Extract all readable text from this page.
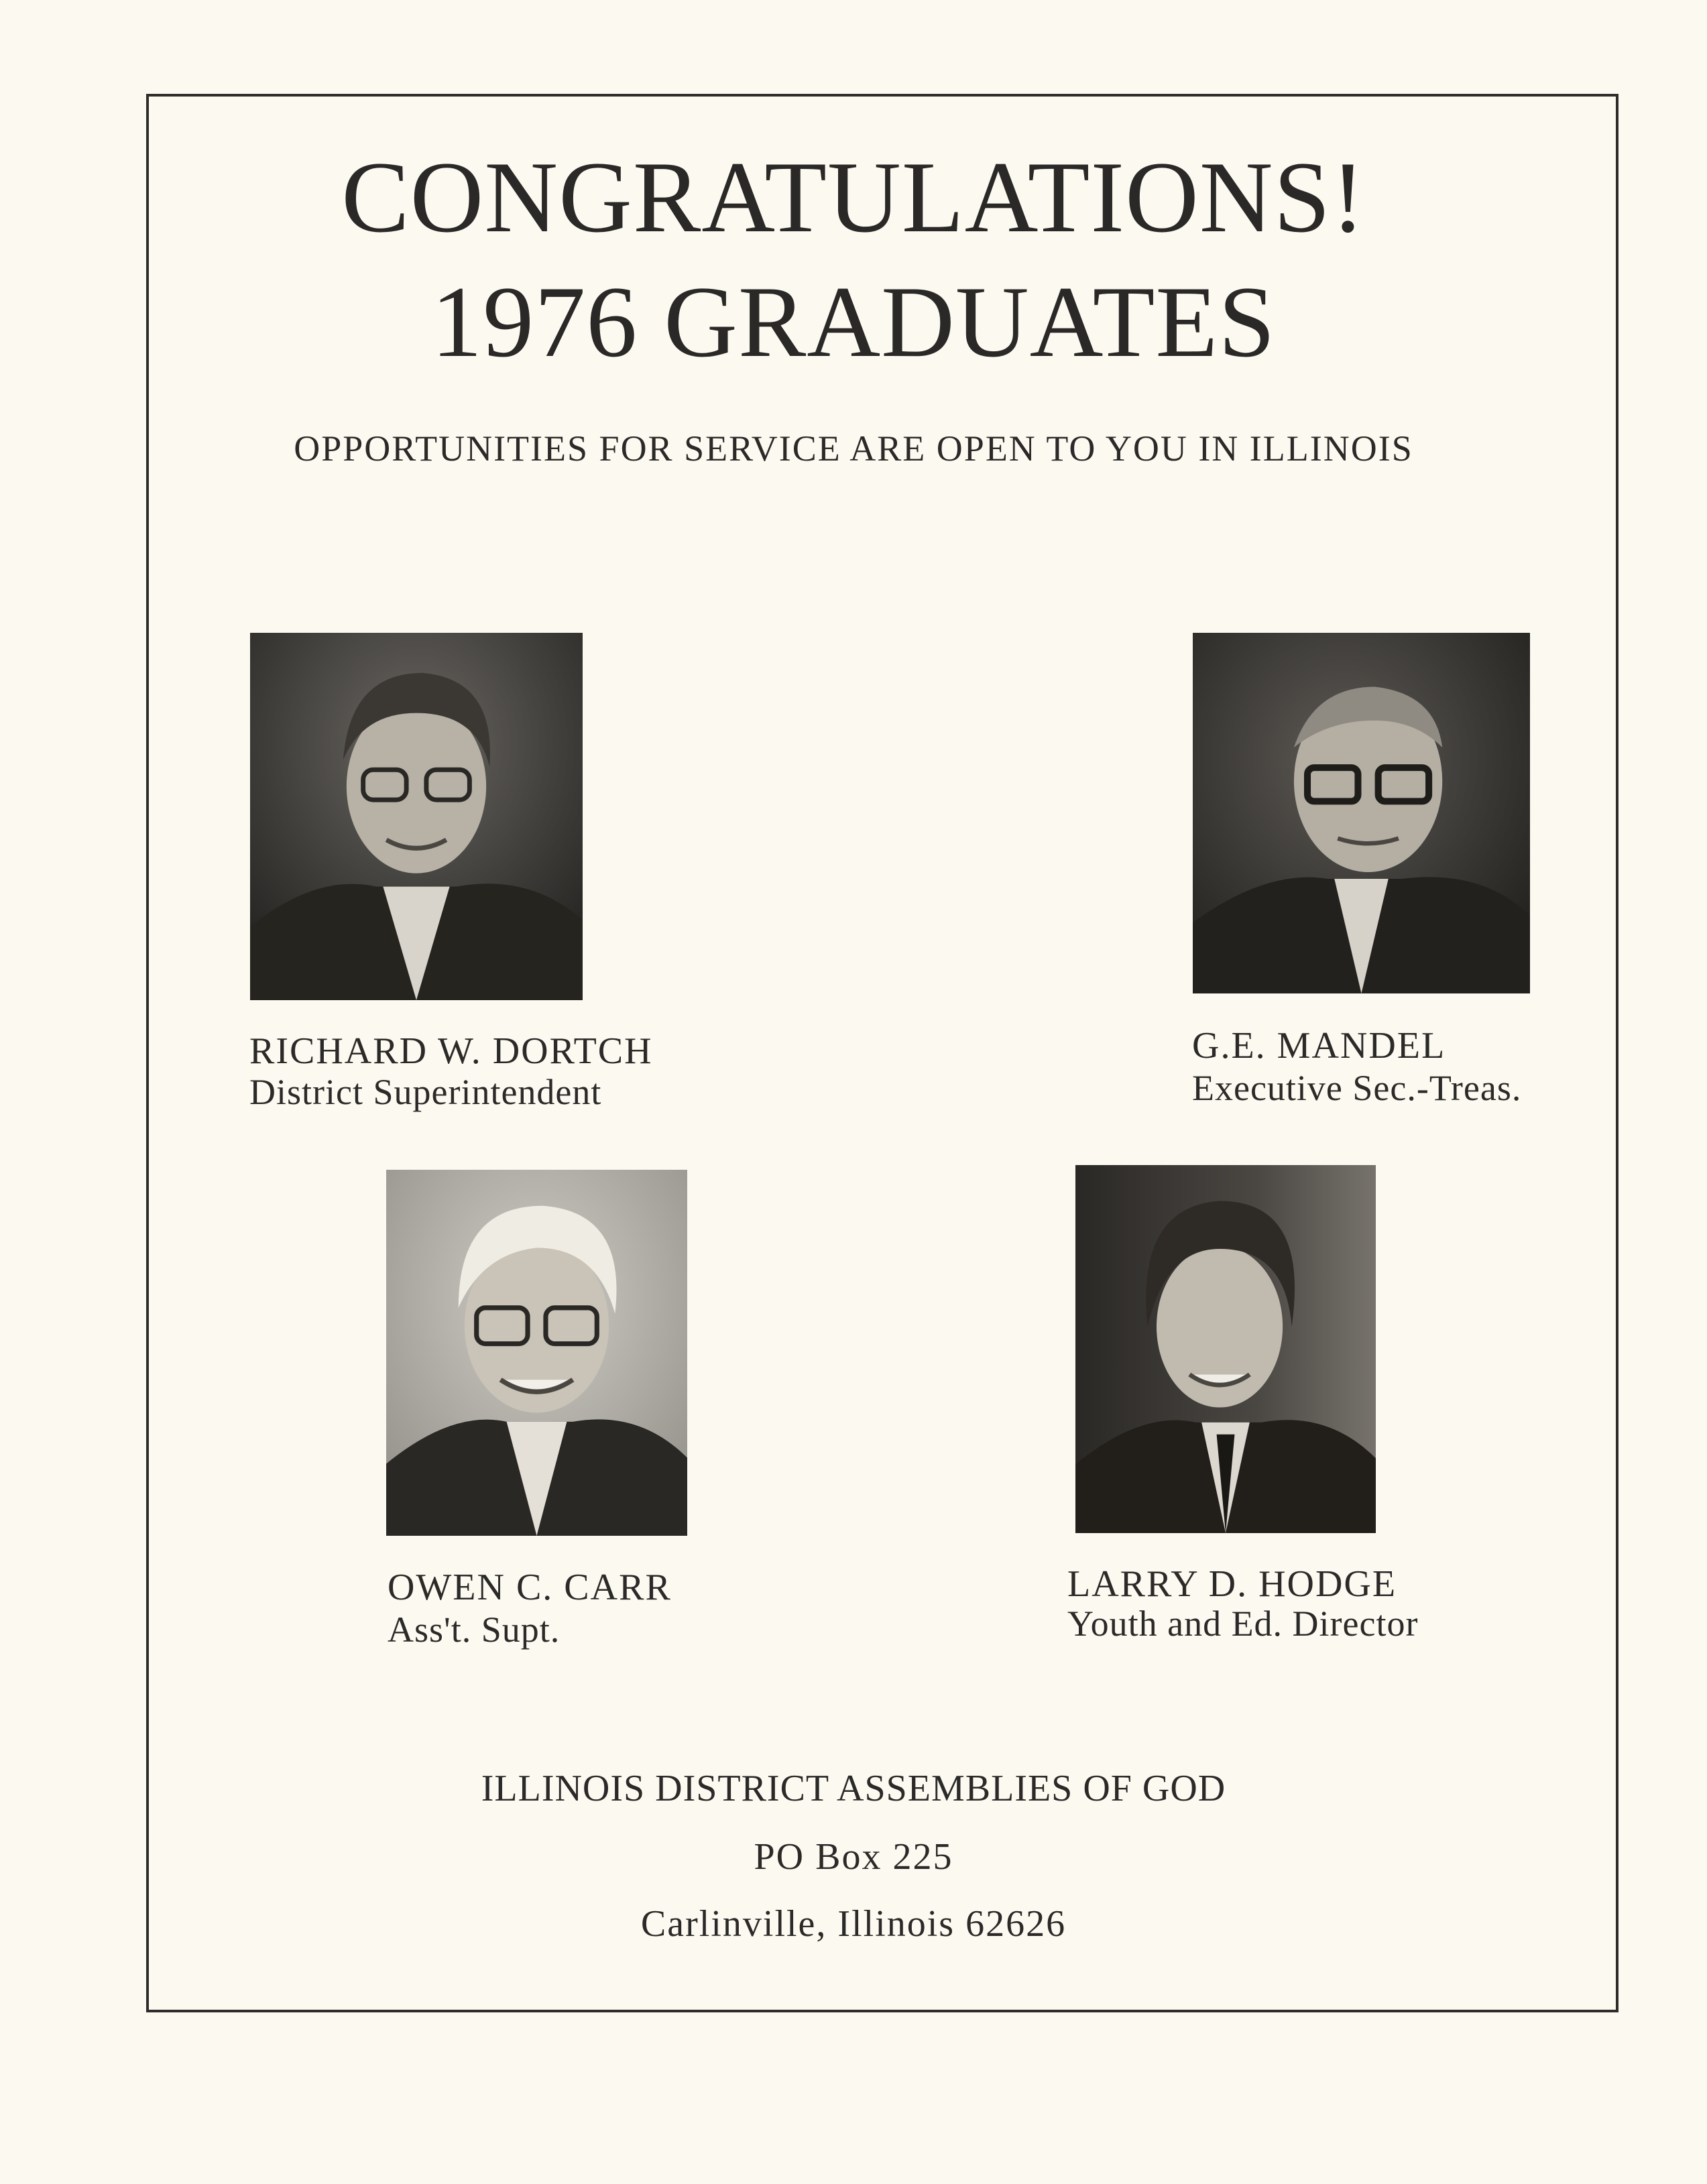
CONGRATULATIONS!
1976 GRADUATES
OPPORTUNITIES FOR SERVICE ARE OPEN TO YOU IN ILLINOIS
RICHARD W. DORTCH
District Superintendent
G.E. MANDEL
Executive Sec.-Treas.
OWEN C. CARR
Ass't. Supt.
LARRY D. HODGE
Youth and Ed. Director
ILLINOIS DISTRICT ASSEMBLIES OF GOD
PO Box 225
Carlinville, Illinois 62626
